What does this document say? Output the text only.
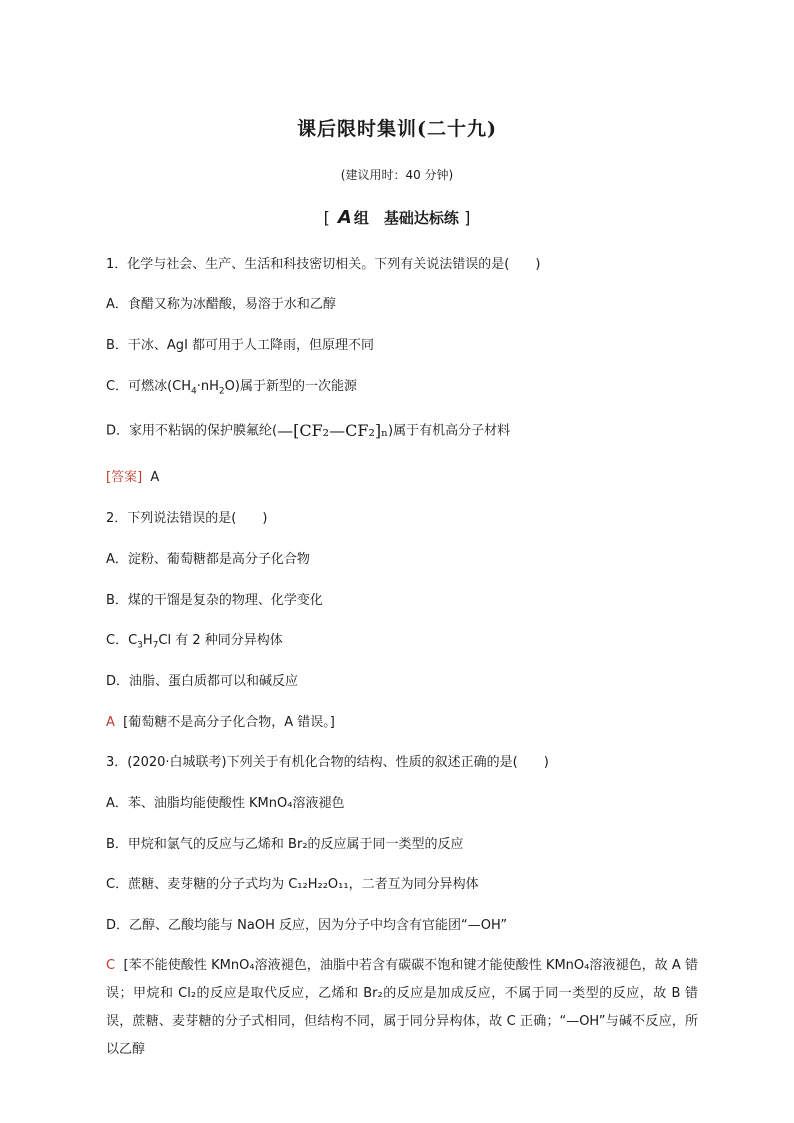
课后限时集训(二十九)
(建议用时：40 分钟)
[ A 组　基础达标练 ]
1．化学与社会、生产、生活和科技密切相关。下列有关说法错误的是(　　)
A．食醋又称为冰醋酸，易溶于水和乙醇
B．干冰、AgI 都可用于人工降雨，但原理不同
C．可燃冰$(CH_4\cdot nH_2O)$属于新型的一次能源
D．家用不粘锅的保护膜氟纶(—[CF₂—CF₂]ₙ)属于有机高分子材料
[答案] A
2．下列说法错误的是(　　)
A．淀粉、葡萄糖都是高分子化合物
B．煤的干馏是复杂的物理、化学变化
C．$C_3H_7Cl$ 有 2 种同分异构体
D．油脂、蛋白质都可以和碱反应
A [葡萄糖不是高分子化合物，A 错误。]
3．(2020·白城联考)下列关于有机化合物的结构、性质的叙述正确的是(　　)
A．苯、油脂均能使酸性 KMnO₄溶液褪色
B．甲烷和氯气的反应与乙烯和 Br₂的反应属于同一类型的反应
C．蔗糖、麦芽糖的分子式均为 C₁₂H₂₂O₁₁，二者互为同分异构体
D．乙醇、乙酸均能与 NaOH 反应，因为分子中均含有官能团“—OH”
C [苯不能使酸性 KMnO₄溶液褪色，油脂中若含有碳碳不饱和键才能使酸性 KMnO₄溶液褪色，故 A 错误；甲烷和 Cl₂的反应是取代反应，乙烯和 Br₂的反应是加成反应，不属于同一类型的反应，故 B 错误，蔗糖、麦芽糖的分子式相同，但结构不同，属于同分异构体，故 C 正确；“—OH”与碱不反应，所以乙醇
